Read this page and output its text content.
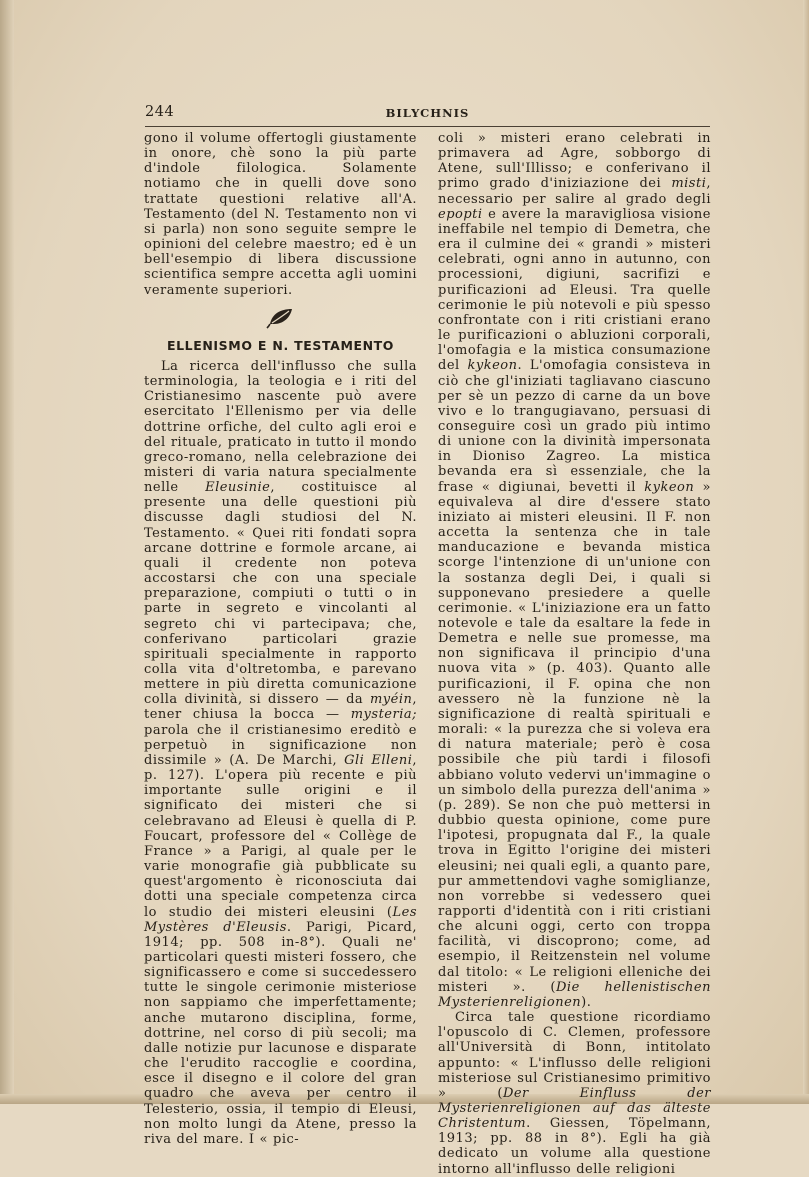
244	BILYCHNIS

gono il volume offertogli giustamente in onore, chè sono la più parte d'indole filologica. Solamente notiamo che in quelli dove sono trattate questioni relative all'A. Testamento (del N. Testamento non vi si parla) non sono seguite sempre le opinioni del celebre maestro; ed è un bell'esempio di libera discussione scientifica sempre accetta agli uomini veramente superiori.

ELLENISMO E N. TESTAMENTO

La ricerca dell'influsso che sulla terminologia, la teologia e i riti del Cristianesimo nascente può avere esercitato l'Ellenismo per via delle dottrine orfiche, del culto agli eroi e del rituale, praticato in tutto il mondo greco-romano, nella celebrazione dei misteri di varia natura specialmente nelle Eleusinie, costituisce al presente una delle questioni più discusse dagli studiosi del N. Testamento. « Quei riti fondati sopra arcane dottrine e formole arcane, ai quali il credente non poteva accostarsi che con una speciale preparazione, compiuti o tutti o in parte in segreto e vincolanti al segreto chi vi partecipava; che, conferivano particolari grazie spirituali specialmente in rapporto colla vita d'oltretomba, e parevano mettere in più diretta comunicazione colla divinità, si dissero — da myéin, tener chiusa la bocca — mysteria; parola che il cristianesimo ereditò e perpetuò in significazione non dissimile » (A. De Marchi, Gli Elleni, p. 127). L'opera più recente e più importante sulle origini e il significato dei misteri che si celebravano ad Eleusi è quella di P. Foucart, professore del « Collège de France » a Parigi, al quale per le varie monografie già pubblicate su quest'argomento è riconosciuta dai dotti una speciale competenza circa lo studio dei misteri eleusini (Les Mystères d'Eleusis. Parigi, Picard, 1914; pp. 508 in-8°). Quali ne' particolari questi misteri fossero, che significassero e come si succedessero tutte le singole cerimonie misteriose non sappiamo che imperfettamente; anche mutarono disciplina, forme, dottrine, nel corso di più secoli; ma dalle notizie pur lacunose e disparate che l'erudito raccoglie e coordina, esce il disegno e il colore del gran quadro che aveva per centro il Telesterio, ossia, il tempio di Eleusi, non molto lungi da Atene, presso la riva del mare. I « pic-

coli » misteri erano celebrati in primavera ad Agre, sobborgo di Atene, sull'Illisso; e conferivano il primo grado d'iniziazione dei misti, necessario per salire al grado degli epopti e avere la maravigliosa visione ineffabile nel tempio di Demetra, che era il culmine dei « grandi » misteri celebrati, ogni anno in autunno, con processioni, digiuni, sacrifizi e purificazioni ad Eleusi. Tra quelle cerimonie le più notevoli e più spesso confrontate con i riti cristiani erano le purificazioni o abluzioni corporali, l'omofagia e la mistica consumazione del kykeon. L'omofagia consisteva in ciò che gl'iniziati tagliavano ciascuno per sè un pezzo di carne da un bove vivo e lo trangugiavano, persuasi di conseguire così un grado più intimo di unione con la divinità impersonata in Dioniso Zagreo. La mistica bevanda era sì essenziale, che la frase « digiunai, bevetti il kykeon » equivaleva al dire d'essere stato iniziato ai misteri eleusini. Il F. non accetta la sentenza che in tale manducazione e bevanda mistica scorge l'intenzione di un'unione con la sostanza degli Dei, i quali si supponevano presiedere a quelle cerimonie. « L'iniziazione era un fatto notevole e tale da esaltare la fede in Demetra e nelle sue promesse, ma non significava il principio d'una nuova vita » (p. 403). Quanto alle purificazioni, il F. opina che non avessero nè la funzione nè la significazione di realtà spirituali e morali: « la purezza che si voleva era di natura materiale; però è cosa possibile che più tardi i filosofi abbiano voluto vedervi un'immagine o un simbolo della purezza dell'anima » (p. 289). Se non che può mettersi in dubbio questa opinione, come pure l'ipotesi, propugnata dal F., la quale trova in Egitto l'origine dei misteri eleusini; nei quali egli, a quanto pare, pur ammettendovi vaghe somiglianze, non vorrebbe si vedessero quei rapporti d'identità con i riti cristiani che alcuni oggi, certo con troppa facilità, vi discoprono; come, ad esempio, il Reitzenstein nel volume dal titolo: « Le religioni elleniche dei misteri ». (Die hellenistischen Mysterienreligionen).

Circa tale questione ricordiamo l'opuscolo di C. Clemen, professore all'Università di Bonn, intitolato appunto: « L'influsso delle religioni misteriose sul Cristianesimo primitivo » (Der Einfluss der Mysterienreligionen auf das älteste Christentum. Giessen, Töpelmann, 1913; pp. 88 in 8°). Egli ha già dedicato un volume alla questione intorno all'influsso delle religioni
